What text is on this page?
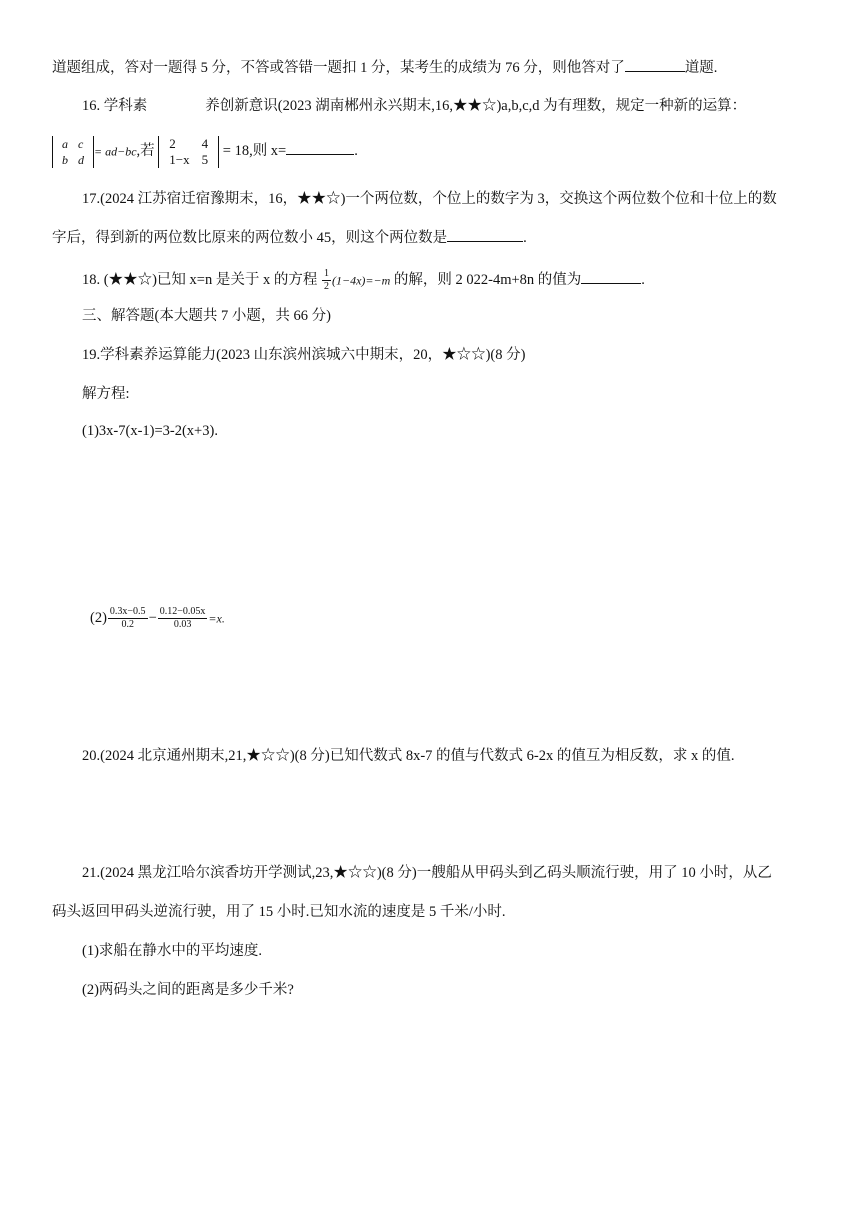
道题组成，答对一题得 5 分，不答或答错一题扣 1 分，某考生的成绩为 76 分，则他答对了	道题.
16. 学科素	养创新意识(2023 湖南郴州永兴期末,16,★★☆)a,b,c,d 为有理数，规定一种新的运算：
a	c
b	d
= ad−bc,若 2	4
1−x	5
= 18,则 x=	.
17.(2024 江苏宿迁宿豫期末，16，★★☆)一个两位数，个位上的数字为 3，交换这个两位数个位和十位上的数
字后，得到新的两位数比原来的两位数小 45，则这个两位数是	.
18. (★★☆)已知 x=n 是关于 x 的方程 $\frac{1}{2} (1-4x)=-m$ 的解，则 2 022-4m+8n 的值为	.
三、解答题(本大题共 7 小题，共 66 分)
19.学科素养运算能力(2023 山东滨州滨城六中期末，20，★☆☆)(8 分)
解方程:
(1)3x-7(x-1)=3-2(x+3).
$(2) \frac{0.3x-0.5}{0.2} - \frac{0.12-0.05x}{0.03} =x$.
20.(2024 北京通州期末,21,★☆☆)(8 分)已知代数式 8x-7 的值与代数式 6-2x 的值互为相反数，求 x 的值.
21.(2024 黑龙江哈尔滨香坊开学测试,23,★☆☆)(8 分)一艘船从甲码头到乙码头顺流行驶，用了 10 小时，从乙
码头返回甲码头逆流行驶，用了 15 小时.已知水流的速度是 5 千米/小时.
(1)求船在静水中的平均速度.
(2)两码头之间的距离是多少千米?
